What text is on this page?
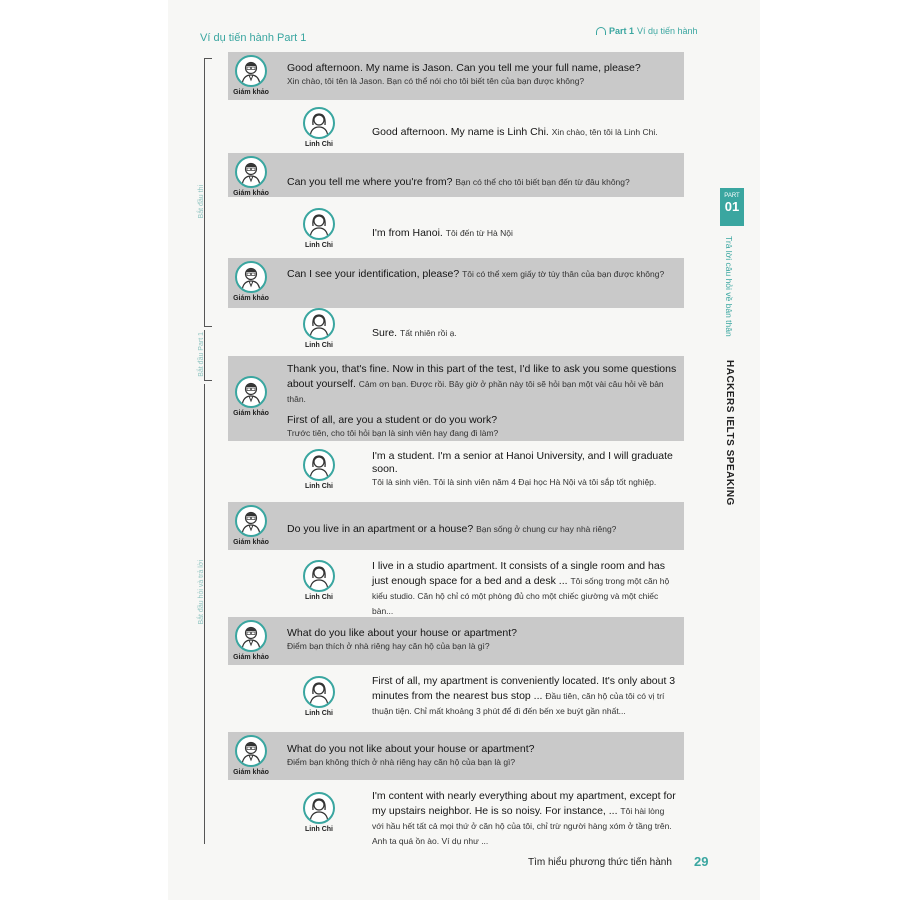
Ví dụ tiến hành Part 1
Part 1 Ví dụ tiến hành
Bắt đầu thi
Bắt đầu Part 1
Bắt đầu hỏi và trả lời
Giám khảo
Giám khảo
Giám khảo
Giám khảo
Giám khảo
Giám khảo
Giám khảo
Linh Chi
Linh Chi
Linh Chi
Linh Chi
Linh Chi
Linh Chi
Linh Chi
Good afternoon. My name is Jason. Can you tell me your full name, please?
Xin chào, tôi tên là Jason. Bạn có thể nói cho tôi biết tên của bạn được không?
Good afternoon. My name is Linh Chi. Xin chào, tên tôi là Linh Chi.
Can you tell me where you're from? Bạn có thể cho tôi biết bạn đến từ đâu không?
I'm from Hanoi. Tôi đến từ Hà Nội
Can I see your identification, please? Tôi có thể xem giấy tờ tùy thân của bạn được không?
Sure. Tất nhiên rồi ạ.
Thank you, that's fine. Now in this part of the test, I'd like to ask you some questions about yourself. Cảm ơn bạn. Được rồi. Bây giờ ở phần này tôi sẽ hỏi bạn một vài câu hỏi về bản thân.
First of all, are you a student or do you work?
Trước tiên, cho tôi hỏi bạn là sinh viên hay đang đi làm?
I'm a student. I'm a senior at Hanoi University, and I will graduate soon.
Tôi là sinh viên. Tôi là sinh viên năm 4 Đại học Hà Nội và tôi sắp tốt nghiệp.
Do you live in an apartment or a house? Bạn sống ở chung cư hay nhà riêng?
I live in a studio apartment. It consists of a single room and has just enough space for a bed and a desk ... Tôi sống trong một căn hộ kiểu studio. Căn hộ chỉ có một phòng đủ cho một chiếc giường và một chiếc bàn...
What do you like about your house or apartment?
Điểm bạn thích ở nhà riêng hay căn hộ của bạn là gì?
First of all, my apartment is conveniently located. It's only about 3 minutes from the nearest bus stop ... Đầu tiên, căn hộ của tôi có vị trí thuận tiện. Chỉ mất khoảng 3 phút để đi đến bến xe buýt gần nhất...
What do you not like about your house or apartment?
Điểm bạn không thích ở nhà riêng hay căn hộ của bạn là gì?
I'm content with nearly everything about my apartment, except for my upstairs neighbor. He is so noisy. For instance, ... Tôi hài lòng với hầu hết tất cả mọi thứ ở căn hộ của tôi, chỉ trừ người hàng xóm ở tầng trên. Anh ta quá ồn ào. Ví dụ như ...
PART
01
Trả lời câu hỏi về bản thân
HACKERS IELTS SPEAKING
Tìm hiểu phương thức tiến hành 29
